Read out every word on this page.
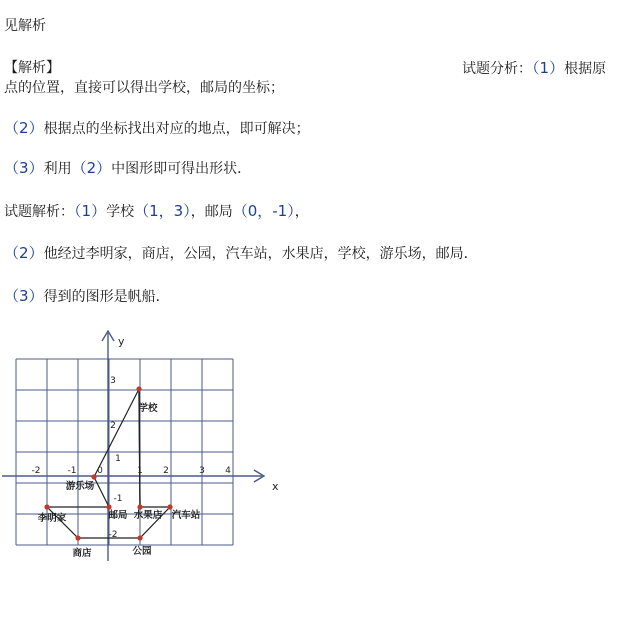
见解析
【解析】	试题分析：（1）根据原
点的位置，直接可以得出学校，邮局的坐标；
（2）根据点的坐标找出对应的地点，即可解决；
（3）利用（2）中图形即可得出形状．
试题解析：（1）学校（1，3），邮局（0，-1），
（2）他经过李明家，商店，公园，汽车站，水果店，学校，游乐场，邮局．
（3）得到的图形是帆船．
x
y
-2	-1 0	1 2	3 4
3
2
1
-1
-2
学校
游乐场
邮局
李明家
商店	公园
汽车站
水果店
